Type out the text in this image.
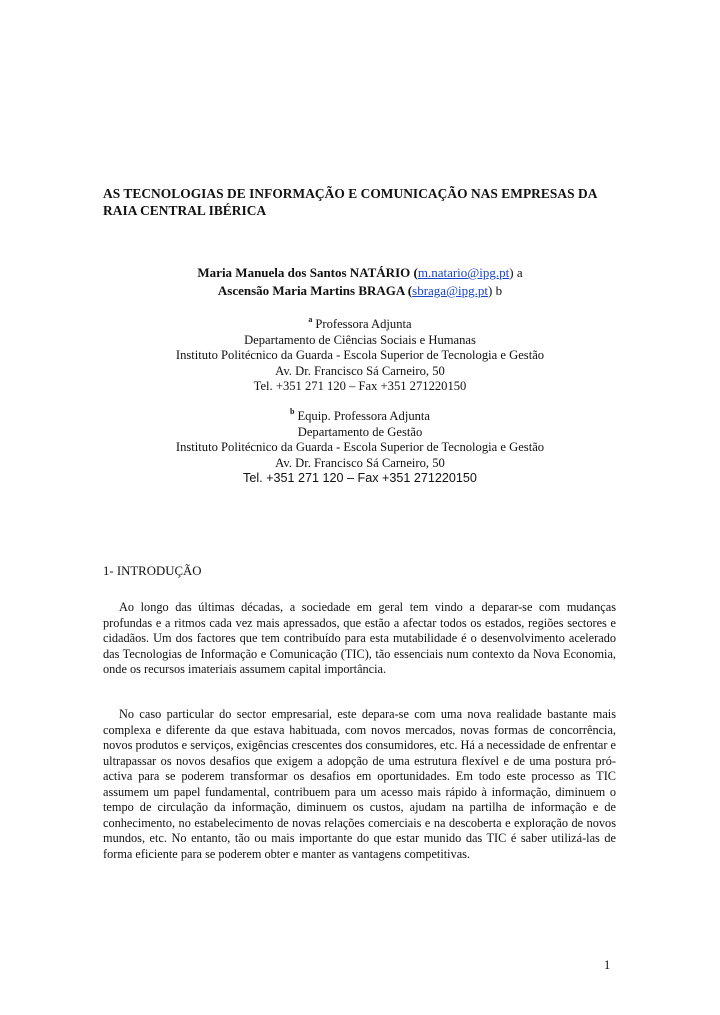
AS TECNOLOGIAS DE INFORMAÇÃO E COMUNICAÇÃO NAS EMPRESAS DA RAIA CENTRAL IBÉRICA
Maria Manuela dos Santos NATÁRIO (m.natario@ipg.pt) a
Ascensão Maria Martins BRAGA (sbraga@ipg.pt) b
$^a$ Professora Adjunta
Departamento de Ciências Sociais e Humanas
Instituto Politécnico da Guarda - Escola Superior de Tecnologia e Gestão
Av. Dr. Francisco Sá Carneiro, 50
Tel. +351 271 120 – Fax +351 271220150
$^b$ Equip. Professora Adjunta
Departamento de Gestão
Instituto Politécnico da Guarda - Escola Superior de Tecnologia e Gestão
Av. Dr. Francisco Sá Carneiro, 50
Tel. +351 271 120 – Fax +351 271220150
1- INTRODUÇÃO

Ao longo das últimas décadas, a sociedade em geral tem vindo a deparar-se com mudanças profundas e a ritmos cada vez mais apressados, que estão a afectar todos os estados, regiões sectores e cidadãos. Um dos factores que tem contribuído para esta mutabilidade é o desenvolvimento acelerado das Tecnologias de Informação e Comunicação (TIC), tão essenciais num contexto da Nova Economia, onde os recursos imateriais assumem capital importância.

No caso particular do sector empresarial, este depara-se com uma nova realidade bastante mais complexa e diferente da que estava habituada, com novos mercados, novas formas de concorrência, novos produtos e serviços, exigências crescentes dos consumidores, etc. Há a necessidade de enfrentar e ultrapassar os novos desafios que exigem a adopção de uma estrutura flexível e de uma postura pró-activa para se poderem transformar os desafios em oportunidades. Em todo este processo as TIC assumem um papel fundamental, contribuem para um acesso mais rápido à informação, diminuem o tempo de circulação da informação, diminuem os custos, ajudam na partilha de informação e de conhecimento, no estabelecimento de novas relações comerciais e na descoberta e exploração de novos mundos, etc. No entanto, tão ou mais importante do que estar munido das TIC é saber utilizá-las de forma eficiente para se poderem obter e manter as vantagens competitivas.

1
